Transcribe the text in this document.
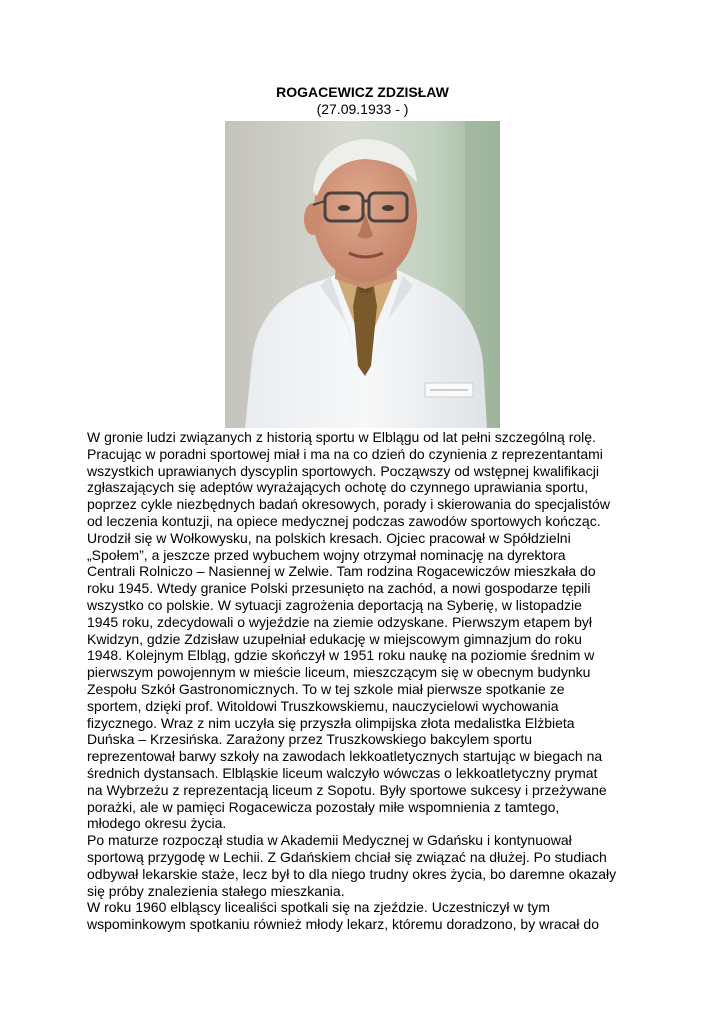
ROGACEWICZ ZDZISŁAW
(27.09.1933 - )

W gronie ludzi związanych z historią sportu w Elblągu od lat pełni szczególną rolę.

Pracując w poradni sportowej miał i ma na co dzień do czynienia z reprezentantami

wszystkich uprawianych dyscyplin sportowych. Począwszy od wstępnej kwalifikacji

zgłaszających się adeptów wyrażających ochotę do czynnego uprawiania sportu,

poprzez cykle niezbędnych badań okresowych, porady i skierowania do specjalistów

od leczenia kontuzji, na opiece medycznej podczas zawodów sportowych kończąc.

Urodził się w Wołkowysku, na polskich kresach. Ojciec pracował w Spółdzielni

„Społem”, a jeszcze przed wybuchem wojny otrzymał nominację na dyrektora

Centrali Rolniczo – Nasiennej w Zelwie. Tam rodzina Rogacewiczów mieszkała do

roku 1945. Wtedy granice Polski przesunięto na zachód, a nowi gospodarze tępili

wszystko co polskie. W sytuacji zagrożenia deportacją na Syberię, w listopadzie

1945 roku, zdecydowali o wyjeździe na ziemie odzyskane. Pierwszym etapem był

Kwidzyn, gdzie Zdzisław uzupełniał edukację w miejscowym gimnazjum do roku

1948. Kolejnym Elbląg, gdzie skończył w 1951 roku naukę na poziomie średnim w

pierwszym powojennym w mieście liceum, mieszczącym się w obecnym budynku

Zespołu Szkół Gastronomicznych. To w tej szkole miał pierwsze spotkanie ze

sportem, dzięki prof. Witoldowi Truszkowskiemu, nauczycielowi wychowania

fizycznego. Wraz z nim uczyła się przyszła olimpijska złota medalistka Elżbieta

Duńska – Krzesińska. Zarażony przez Truszkowskiego bakcylem sportu

reprezentował barwy szkoły na zawodach lekkoatletycznych startując w biegach na

średnich dystansach. Elbląskie liceum walczyło wówczas o lekkoatletyczny prymat

na Wybrzeżu z reprezentacją liceum z Sopotu. Były sportowe sukcesy i przeżywane

porażki, ale w pamięci Rogacewicza pozostały miłe wspomnienia z tamtego,

młodego okresu życia.

Po maturze rozpoczął studia w Akademii Medycznej w Gdańsku i kontynuował

sportową przygodę w Lechii. Z Gdańskiem chciał się związać na dłużej. Po studiach

odbywał lekarskie staże, lecz był to dla niego trudny okres życia, bo daremne okazały

się próby znalezienia stałego mieszkania.

W roku 1960 elbląscy licealiści spotkali się na zjeździe. Uczestniczył w tym

wspominkowym spotkaniu również młody lekarz, któremu doradzono, by wracał do
